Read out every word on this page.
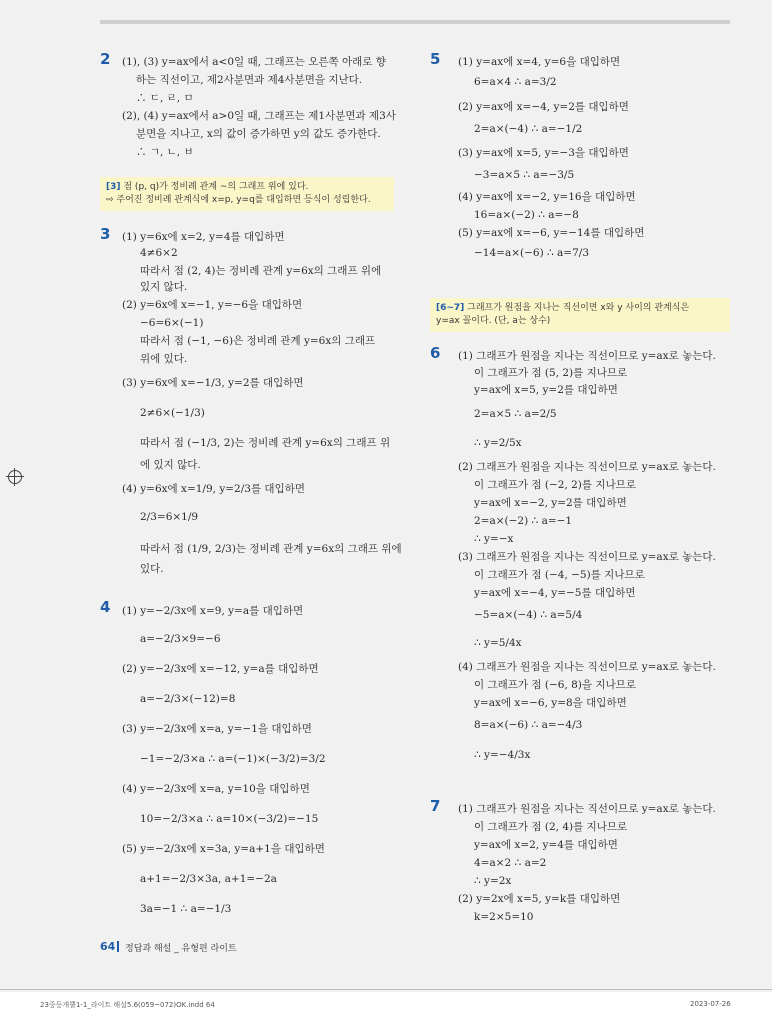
2 (1), (3) y=ax에서 a<0일 때, 그래프는 오른쪽 아래로 향
하는 직선이고, 제2사분면과 제4사분면을 지난다.
∴ ㄷ, ㄹ, ㅁ
(2), (4) y=ax에서 a>0일 때, 그래프는 제1사분면과 제3사
분면을 지나고, x의 값이 증가하면 y의 값도 증가한다.
∴ ㄱ, ㄴ, ㅂ
[3] 점 (p, q)가 정비례 관계 ~의 그래프 위에 있다.
⇨ 주어진 정비례 관계식에 x=p, y=q를 대입하면 등식이 성립한다.
3 (1) y=6x에 x=2, y=4를 대입하면
4≠6×2
따라서 점 (2, 4)는 정비례 관계 y=6x의 그래프 위에
있지 않다.
(2) y=6x에 x=−1, y=−6을 대입하면
−6=6×(−1)
따라서 점 (−1, −6)은 정비례 관계 y=6x의 그래프
위에 있다.
(3) y=6x에 x=−1/3, y=2를 대입하면
2≠6×(−1/3)
따라서 점 (−1/3, 2)는 정비례 관계 y=6x의 그래프 위
에 있지 않다.
(4) y=6x에 x=1/9, y=2/3를 대입하면
2/3=6×1/9
따라서 점 (1/9, 2/3)는 정비례 관계 y=6x의 그래프 위에
있다.
4 (1) y=−2/3x에 x=9, y=a를 대입하면
a=−2/3×9=−6
(2) y=−2/3x에 x=−12, y=a를 대입하면
a=−2/3×(−12)=8
(3) y=−2/3x에 x=a, y=−1을 대입하면
−1=−2/3×a ∴ a=(−1)×(−3/2)=3/2
(4) y=−2/3x에 x=a, y=10을 대입하면
10=−2/3×a ∴ a=10×(−3/2)=−15
(5) y=−2/3x에 x=3a, y=a+1을 대입하면
a+1=−2/3×3a, a+1=−2a
3a=−1 ∴ a=−1/3
5 (1) y=ax에 x=4, y=6을 대입하면
6=a×4 ∴ a=3/2
(2) y=ax에 x=−4, y=2를 대입하면
2=a×(−4) ∴ a=−1/2
(3) y=ax에 x=5, y=−3을 대입하면
−3=a×5 ∴ a=−3/5
(4) y=ax에 x=−2, y=16을 대입하면
16=a×(−2) ∴ a=−8
(5) y=ax에 x=−6, y=−14를 대입하면
−14=a×(−6) ∴ a=7/3
[6~7] 그래프가 원점을 지나는 직선이면 x와 y 사이의 관계식은
y=ax 꼴이다. (단, a는 상수)
6 (1) 그래프가 원점을 지나는 직선이므로 y=ax로 놓는다.
이 그래프가 점 (5, 2)를 지나므로
y=ax에 x=5, y=2를 대입하면
2=a×5 ∴ a=2/5
∴ y=2/5x
(2) 그래프가 원점을 지나는 직선이므로 y=ax로 놓는다.
이 그래프가 점 (−2, 2)를 지나므로
y=ax에 x=−2, y=2를 대입하면
2=a×(−2) ∴ a=−1
∴ y=−x
(3) 그래프가 원점을 지나는 직선이므로 y=ax로 놓는다.
이 그래프가 점 (−4, −5)를 지나므로
y=ax에 x=−4, y=−5를 대입하면
−5=a×(−4) ∴ a=5/4
∴ y=5/4x
(4) 그래프가 원점을 지나는 직선이므로 y=ax로 놓는다.
이 그래프가 점 (−6, 8)을 지나므로
y=ax에 x=−6, y=8을 대입하면
8=a×(−6) ∴ a=−4/3
∴ y=−4/3x
7 (1) 그래프가 원점을 지나는 직선이므로 y=ax로 놓는다.
이 그래프가 점 (2, 4)를 지나므로
y=ax에 x=2, y=4를 대입하면
4=a×2 ∴ a=2
∴ y=2x
(2) y=2x에 x=5, y=k를 대입하면
k=2×5=10
64 정답과 해설 _ 유형편 라이트
23중등개뿔1-1_라이트 해설5.6(059~072)OK.indd 64	2023-07-26
